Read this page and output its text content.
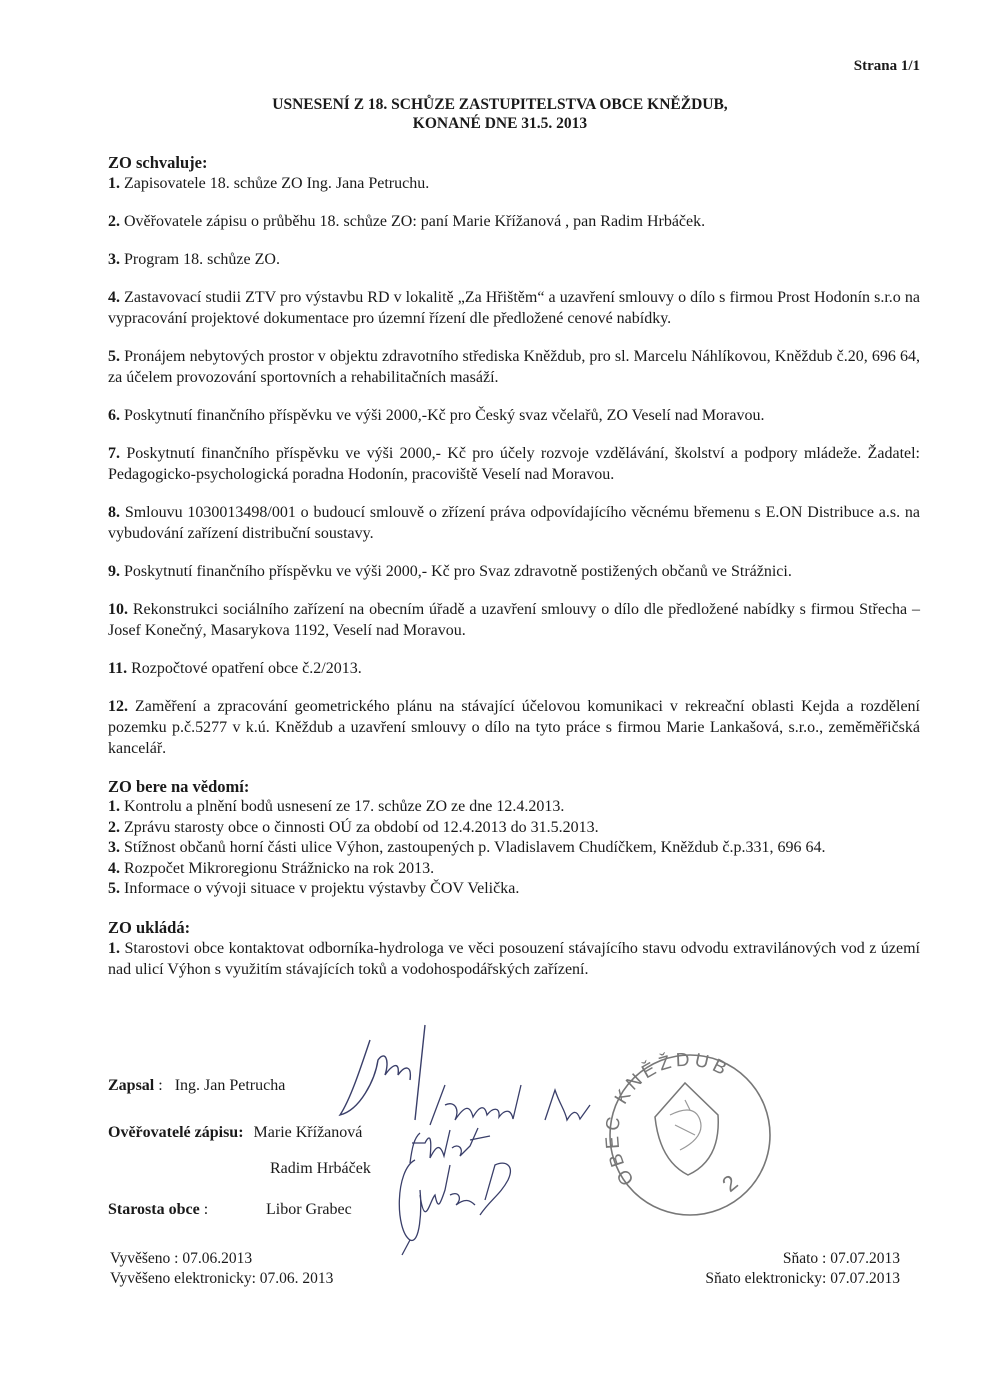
Strana 1/1
USNESENÍ Z 18. SCHŮZE ZASTUPITELSTVA OBCE KNĚŽDUB,
KONANÉ DNE 31.5. 2013
ZO schvaluje:

1. Zapisovatele 18. schůze ZO Ing. Jana Petruchu.

2. Ověřovatele zápisu o průběhu 18. schůze ZO: paní Marie Křížanová , pan Radim Hrbáček.

3. Program 18. schůze ZO.

4. Zastavovací studii ZTV pro výstavbu RD v lokalitě „Za Hřištěm“ a uzavření smlouvy o dílo s firmou Prost Hodonín s.r.o na vypracování projektové dokumentace pro územní řízení dle předložené cenové nabídky.

5. Pronájem nebytových prostor v objektu zdravotního střediska Kněždub, pro sl. Marcelu Náhlíkovou, Kněždub č.20, 696 64, za účelem provozování sportovních a rehabilitačních masáží.

6. Poskytnutí finančního příspěvku ve výši 2000,-Kč pro Český svaz včelařů, ZO Veselí nad Moravou.

7. Poskytnutí finančního příspěvku ve výši 2000,- Kč pro účely rozvoje vzdělávání, školství a podpory mládeže. Žadatel: Pedagogicko-psychologická poradna Hodonín, pracoviště Veselí nad Moravou.

8. Smlouvu 1030013498/001 o budoucí smlouvě o zřízení práva odpovídajícího věcnému břemenu s E.ON Distribuce a.s. na vybudování zařízení distribuční soustavy.

9. Poskytnutí finančního příspěvku ve výši 2000,- Kč pro Svaz zdravotně postižených občanů ve Strážnici.

10. Rekonstrukci sociálního zařízení na obecním úřadě a uzavření smlouvy o dílo dle předložené nabídky s firmou Střecha – Josef Konečný, Masarykova 1192, Veselí nad Moravou.

11. Rozpočtové opatření obce č.2/2013.

12. Zaměření a zpracování geometrického plánu na stávající účelovou komunikaci v rekreační oblasti Kejda a rozdělení pozemku p.č.5277 v k.ú. Kněždub a uzavření smlouvy o dílo na tyto práce s firmou Marie Lankašová, s.r.o., zeměměřičská kancelář.

ZO bere na vědomí:

1. Kontrolu a plnění bodů usnesení ze 17. schůze ZO ze dne 12.4.2013.

2. Zprávu starosty obce o činnosti OÚ za období od 12.4.2013 do 31.5.2013.

3. Stížnost občanů horní části ulice Výhon, zastoupených p. Vladislavem Chudíčkem, Kněždub č.p.331, 696 64.

4. Rozpočet Mikroregionu Strážnicko na rok 2013.

5. Informace o vývoji situace v projektu výstavby ČOV Velička.

ZO ukládá:

1. Starostovi obce kontaktovat odborníka-hydrologa ve věci posouzení stávajícího stavu odvodu extravilánových vod z území nad ulicí Výhon s využitím stávajících toků a vodohospodářských zařízení.

Zapsal :   Ing. Jan Petrucha
Ověřovatelé zápisu: Marie Křížanová
Radim Hrbáček
Starosta obce :	Libor Grabec
OBEC KNĚŽDUB
2
Vyvěšeno : 07.06.2013
Vyvěšeno elektronicky: 07.06. 2013
Sňato : 07.07.2013
Sňato elektronicky: 07.07.2013
